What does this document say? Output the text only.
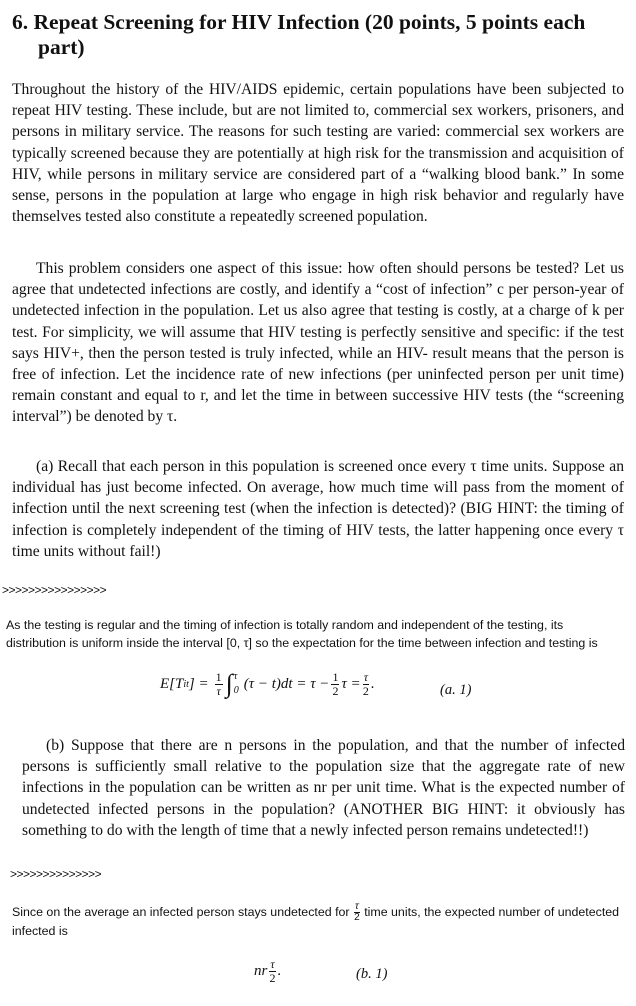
6. Repeat Screening for HIV Infection (20 points, 5 points each part)

Throughout the history of the HIV/AIDS epidemic, certain populations have been subjected to repeat HIV testing. These include, but are not limited to, commercial sex workers, prisoners, and persons in military service. The reasons for such testing are varied: commercial sex workers are typically screened because they are potentially at high risk for the transmission and acquisition of HIV, while persons in military service are considered part of a “walking blood bank.” In some sense, persons in the population at large who engage in high risk behavior and regularly have themselves tested also constitute a repeatedly screened population.

This problem considers one aspect of this issue: how often should persons be tested? Let us agree that undetected infections are costly, and identify a “cost of infection” c per person-year of undetected infection in the population. Let us also agree that testing is costly, at a charge of k per test. For simplicity, we will assume that HIV testing is perfectly sensitive and specific: if the test says HIV+, then the person tested is truly infected, while an HIV- result means that the person is free of infection. Let the incidence rate of new infections (per uninfected person per unit time) remain constant and equal to r, and let the time in between successive HIV tests (the “screening interval”) be denoted by τ.

(a) Recall that each person in this population is screened once every τ time units. Suppose an individual has just become infected. On average, how much time will pass from the moment of infection until the next screening test (when the infection is detected)? (BIG HINT: the timing of infection is completely independent of the timing of HIV tests, the latter happening once every τ time units without fail!)

>>>>>>>>>>>>>>>>

As the testing is regular and the timing of infection is totally random and independent of the testing, its distribution is uniform inside the interval [0, τ] so the expectation for the time between infection and testing is

E[T it ] = $\frac{1}{\tau}$ ∫ τ
0 $(\tau - t)dt = \tau - \frac{1}{2}$ $\tau = \frac{\tau}{2}$ .	(a. 1)

(b) Suppose that there are n persons in the population, and that the number of infected persons is sufficiently small relative to the population size that the aggregate rate of new infections in the population can be written as nr per unit time. What is the expected number of undetected infected persons in the population? (ANOTHER BIG HINT: it obviously has something to do with the length of time that a newly infected person remains undetected!!)

>>>>>>>>>>>>>>

Since on the average an infected person stays undetected for $\frac{\tau}{2}$ time units, the expected number of undetected infected is

nr $\frac{\tau}{2}$ .	(b. 1)
